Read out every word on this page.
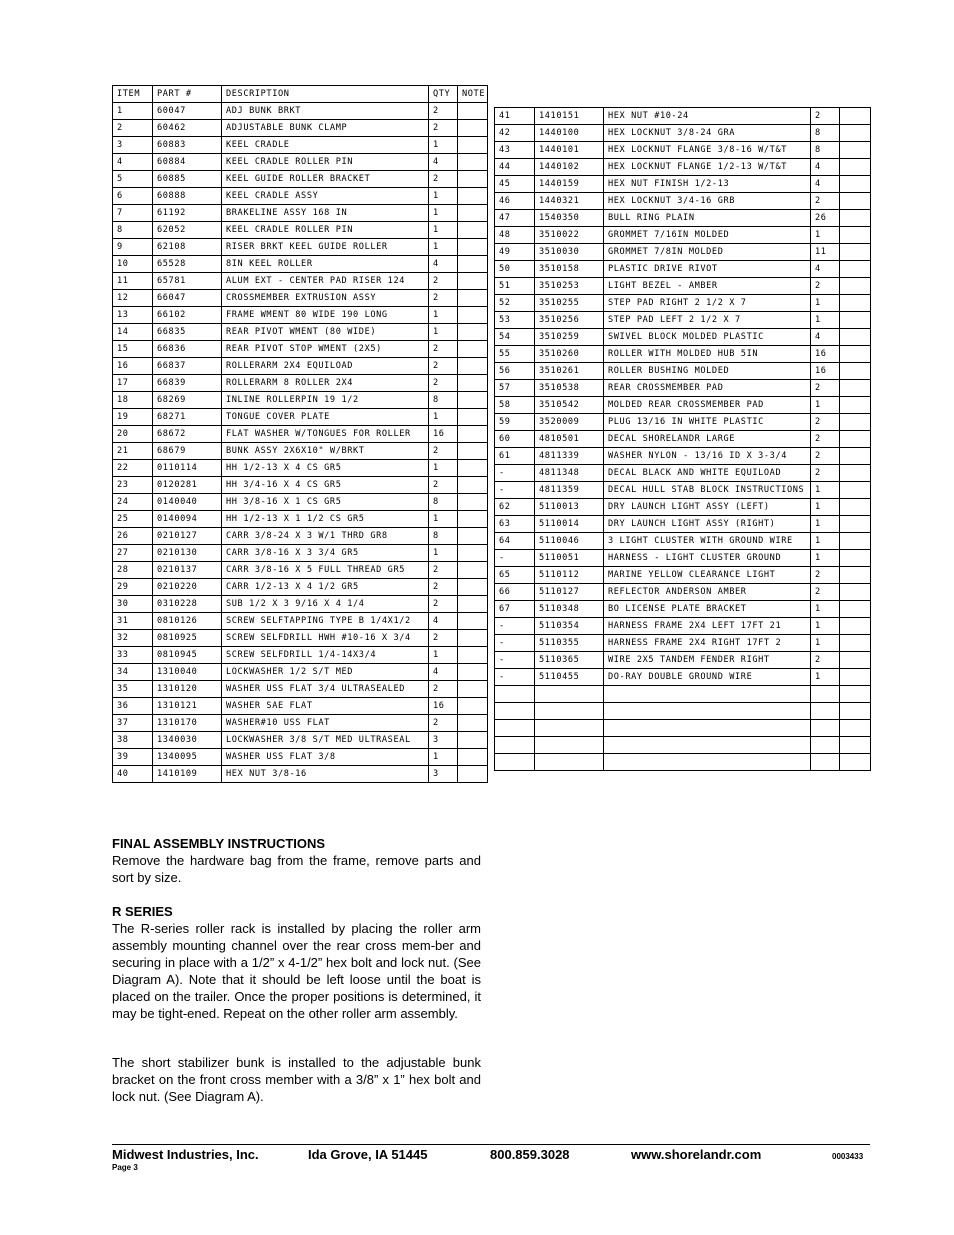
ITEM	PART #	DESCRIPTION	QTY	NOTE
1	60047	ADJ BUNK BRKT	2	
2	60462	ADJUSTABLE BUNK CLAMP	2	
3	60883	KEEL CRADLE	1	
4	60884	KEEL CRADLE ROLLER PIN	4	
5	60885	KEEL GUIDE ROLLER BRACKET	2	
6	60888	KEEL CRADLE ASSY	1	
7	61192	BRAKELINE ASSY 168 IN	1	
8	62052	KEEL CRADLE ROLLER PIN	1	
9	62108	RISER BRKT KEEL GUIDE ROLLER	1	
10	65528	8IN KEEL ROLLER	4	
11	65781	ALUM EXT - CENTER PAD RISER 124	2	
12	66047	CROSSMEMBER EXTRUSION ASSY	2	
13	66102	FRAME WMENT 80 WIDE 190 LONG	1	
14	66835	REAR PIVOT WMENT (80 WIDE)	1	
15	66836	REAR PIVOT STOP WMENT (2X5)	2	
16	66837	ROLLERARM 2X4 EQUILOAD	2	
17	66839	ROLLERARM 8 ROLLER 2X4	2	
18	68269	INLINE ROLLERPIN 19 1/2	8	
19	68271	TONGUE COVER PLATE	1	
20	68672	FLAT WASHER W/TONGUES FOR ROLLER	16	
21	68679	BUNK ASSY 2X6X10" W/BRKT	2	
22	0110114	HH 1/2-13 X 4 CS GR5	1	
23	0120281	HH 3/4-16 X 4 CS GR5	2	
24	0140040	HH 3/8-16 X 1 CS GR5	8	
25	0140094	HH 1/2-13 X 1 1/2 CS GR5	1	
26	0210127	CARR 3/8-24 X 3 W/1 THRD GR8	8	
27	0210130	CARR 3/8-16 X 3 3/4 GR5	1	
28	0210137	CARR 3/8-16 X 5 FULL THREAD GR5	2	
29	0210220	CARR 1/2-13 X 4 1/2 GR5	2	
30	0310228	SUB 1/2 X 3 9/16 X 4 1/4	2	
31	0810126	SCREW SELFTAPPING TYPE B 1/4X1/2	4	
32	0810925	SCREW SELFDRILL HWH #10-16 X 3/4	2	
33	0810945	SCREW SELFDRILL 1/4-14X3/4	1	
34	1310040	LOCKWASHER 1/2 S/T MED	4	
35	1310120	WASHER USS FLAT 3/4 ULTRASEALED	2	
36	1310121	WASHER SAE FLAT	16	
37	1310170	WASHER#10 USS FLAT	2	
38	1340030	LOCKWASHER 3/8 S/T MED ULTRASEAL	3	
39	1340095	WASHER USS FLAT 3/8	1	
40	1410109	HEX NUT 3/8-16	3	
41	1410151	HEX NUT #10-24	2	
42	1440100	HEX LOCKNUT 3/8-24 GRA	8	
43	1440101	HEX LOCKNUT FLANGE 3/8-16 W/T&T	8	
44	1440102	HEX LOCKNUT FLANGE 1/2-13 W/T&T	4	
45	1440159	HEX NUT FINISH 1/2-13	4	
46	1440321	HEX LOCKNUT 3/4-16 GRB	2	
47	1540350	BULL RING PLAIN	26	
48	3510022	GROMMET 7/16IN MOLDED	1	
49	3510030	GROMMET 7/8IN MOLDED	11	
50	3510158	PLASTIC DRIVE RIVOT	4	
51	3510253	LIGHT BEZEL - AMBER	2	
52	3510255	STEP PAD RIGHT 2 1/2 X 7	1	
53	3510256	STEP PAD LEFT 2 1/2 X 7	1	
54	3510259	SWIVEL BLOCK MOLDED PLASTIC	4	
55	3510260	ROLLER WITH MOLDED HUB 5IN	16	
56	3510261	ROLLER BUSHING MOLDED	16	
57	3510538	REAR CROSSMEMBER PAD	2	
58	3510542	MOLDED REAR CROSSMEMBER PAD	1	
59	3520009	PLUG 13/16 IN WHITE PLASTIC	2	
60	4810501	DECAL SHORELANDR LARGE	2	
61	4811339	WASHER NYLON - 13/16 ID X 3-3/4	2	
-	4811348	DECAL BLACK AND WHITE EQUILOAD	2	
-	4811359	DECAL HULL STAB BLOCK INSTRUCTIONS	1	
62	5110013	DRY LAUNCH LIGHT ASSY (LEFT)	1	
63	5110014	DRY LAUNCH LIGHT ASSY (RIGHT)	1	
64	5110046	3 LIGHT CLUSTER WITH GROUND WIRE	1	
-	5110051	HARNESS - LIGHT CLUSTER GROUND	1	
65	5110112	MARINE YELLOW CLEARANCE LIGHT	2	
66	5110127	REFLECTOR ANDERSON AMBER	2	
67	5110348	BO LICENSE PLATE BRACKET	1	
-	5110354	HARNESS FRAME 2X4 LEFT 17FT 21	1	
-	5110355	HARNESS FRAME 2X4 RIGHT 17FT 2	1	
-	5110365	WIRE 2X5 TANDEM FENDER RIGHT	2	
-	5110455	DO-RAY DOUBLE GROUND WIRE	1	

FINAL ASSEMBLY INSTRUCTIONS

Remove the hardware bag from the frame, remove parts and sort by size.

R SERIES

The R-series roller rack is installed by placing the roller arm assembly mounting channel over the rear cross mem-ber and securing in place with a 1/2” x 4-1/2” hex bolt and lock nut. (See Diagram A). Note that it should be left loose until the boat is placed on the trailer. Once the proper positions is determined, it may be tight-ened. Repeat on the other roller arm assembly.

The short stabilizer bunk is installed to the adjustable bunk bracket on the front cross member with a 3/8” x 1” hex bolt and lock nut. (See Diagram A).

Midwest Industries, Inc.	Ida Grove, IA 51445	800.859.3028	www.shorelandr.com	0003433
Page 3
